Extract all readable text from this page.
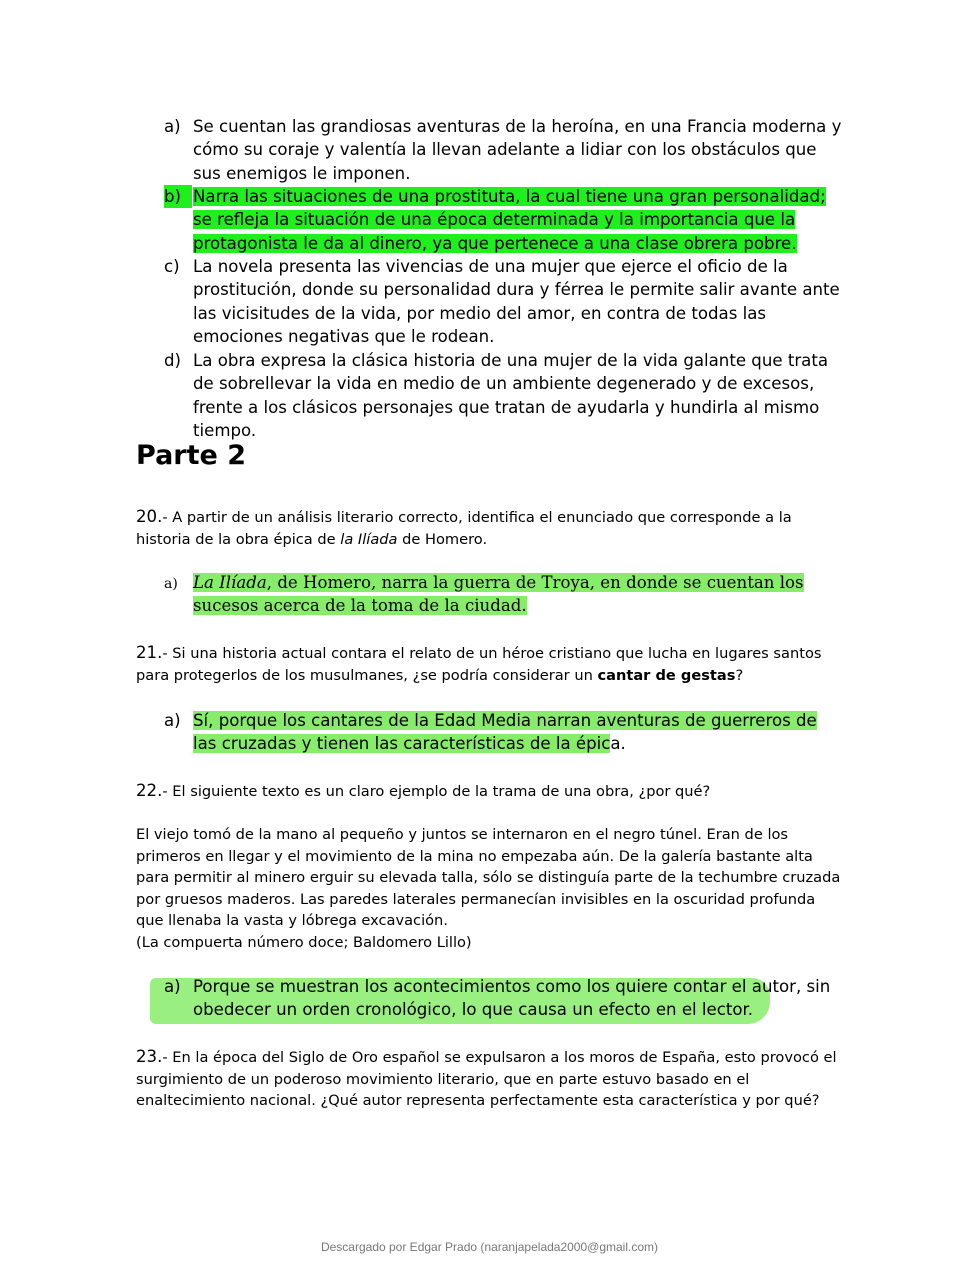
a) Se cuentan las grandiosas aventuras de la heroína, en una Francia moderna y cómo su coraje y valentía la llevan adelante a lidiar con los obstáculos que sus enemigos le imponen.
b) Narra las situaciones de una prostituta, la cual tiene una gran personalidad; se refleja la situación de una época determinada y la importancia que la protagonista le da al dinero, ya que pertenece a una clase obrera pobre.
c) La novela presenta las vivencias de una mujer que ejerce el oficio de la prostitución, donde su personalidad dura y férrea le permite salir avante ante las vicisitudes de la vida, por medio del amor, en contra de todas las emociones negativas que le rodean.
d) La obra expresa la clásica historia de una mujer de la vida galante que trata de sobrellevar la vida en medio de un ambiente degenerado y de excesos, frente a los clásicos personajes que tratan de ayudarla y hundirla al mismo tiempo.
Parte 2
20.- A partir de un análisis literario correcto, identifica el enunciado que corresponde a la historia de la obra épica de la Ilíada de Homero.
a) La Ilíada, de Homero, narra la guerra de Troya, en donde se cuentan los sucesos acerca de la toma de la ciudad.
21.- Si una historia actual contara el relato de un héroe cristiano que lucha en lugares santos para protegerlos de los musulmanes, ¿se podría considerar un cantar de gestas?
a) Sí, porque los cantares de la Edad Media narran aventuras de guerreros de las cruzadas y tienen las características de la épica.
22.- El siguiente texto es un claro ejemplo de la trama de una obra, ¿por qué?
El viejo tomó de la mano al pequeño y juntos se internaron en el negro túnel. Eran de los primeros en llegar y el movimiento de la mina no empezaba aún. De la galería bastante alta para permitir al minero erguir su elevada talla, sólo se distinguía parte de la techumbre cruzada por gruesos maderos. Las paredes laterales permanecían invisibles en la oscuridad profunda que llenaba la vasta y lóbrega excavación.
(La compuerta número doce; Baldomero Lillo)
a) Porque se muestran los acontecimientos como los quiere contar el autor, sin obedecer un orden cronológico, lo que causa un efecto en el lector.
23.- En la época del Siglo de Oro español se expulsaron a los moros de España, esto provocó el surgimiento de un poderoso movimiento literario, que en parte estuvo basado en el enaltecimiento nacional. ¿Qué autor representa perfectamente esta característica y por qué?
Descargado por Edgar Prado (naranjapelada2000@gmail.com)
